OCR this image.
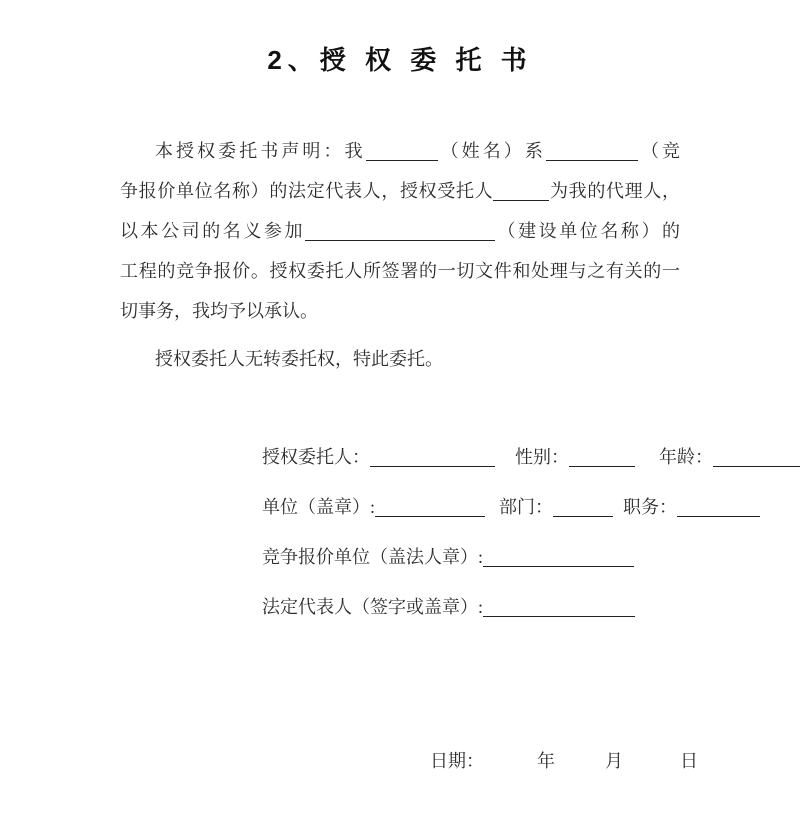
2、授 权 委 托 书
本授权委托书声明：我	（姓名）系	（竞
争报价单位名称）的法定代表人，授权受托人	为我的代理人，
以本公司的名义参加	（建设单位名称）的
工程的竞争报价。授权委托人所签署的一切文件和处理与之有关的一
切事务，我均予以承认。
授权委托人无转委托权，特此委托。
授权委托人：	性别：	年龄：
单位（盖章）:	部门：	职务：
竞争报价单位（盖法人章）:
法定代表人（签字或盖章）:
日期：	年	月	日
